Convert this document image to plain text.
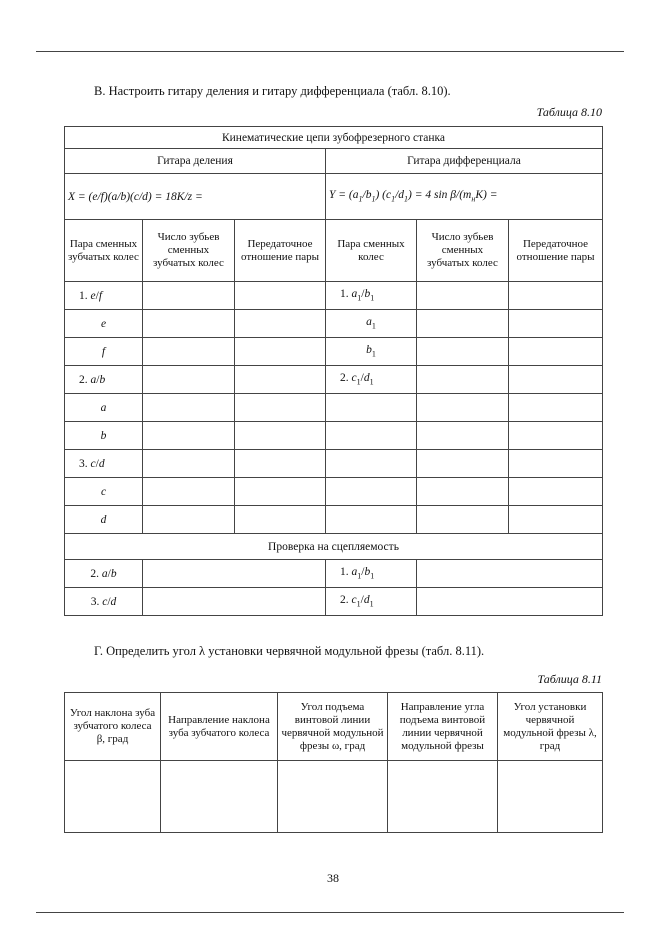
В. Настроить гитару деления и гитару дифференциала (табл. 8.10).
Таблица 8.10
Кинематические цепи зубофрезерного станка					
Гитара деления			Гитара дифференциала		
X = (e/f)(a/b)(c/d) = 18K/z =			$Y = (a_1/b_1) (c_1/d_1) = 4$ $\sin \beta/(m_нK)$ =		
Пара сменных зубчатых колес	Число зубьев сменных зубчатых колес	Передаточное отношение пары	Пара сменных колес	Число зубьев сменных зубчатых колес	Передаточное отношение пары
1. e/f			1. $a_1/b_1$		
e			$a_1$		
f			$b_1$		
2. a/b			2. $c_1/d_1$		
a					
b					
3. c/d					
c					
d					
Проверка на сцепляемость					
2. a/b			1. $a_1/b_1$	
3. c/d			2. $c_1/d_1$	
Г. Определить угол λ установки червячной модульной фрезы (табл. 8.11).
Таблица 8.11
Угол наклона зуба зубчатого колеса β, град	Направление наклона зуба зубчатого колеса	Угол подъема винтовой линии червячной модульной фрезы ω, град	Направление угла подъема винтовой линии червячной модульной фрезы	Угол установки червячной модульной фрезы λ, град

38
